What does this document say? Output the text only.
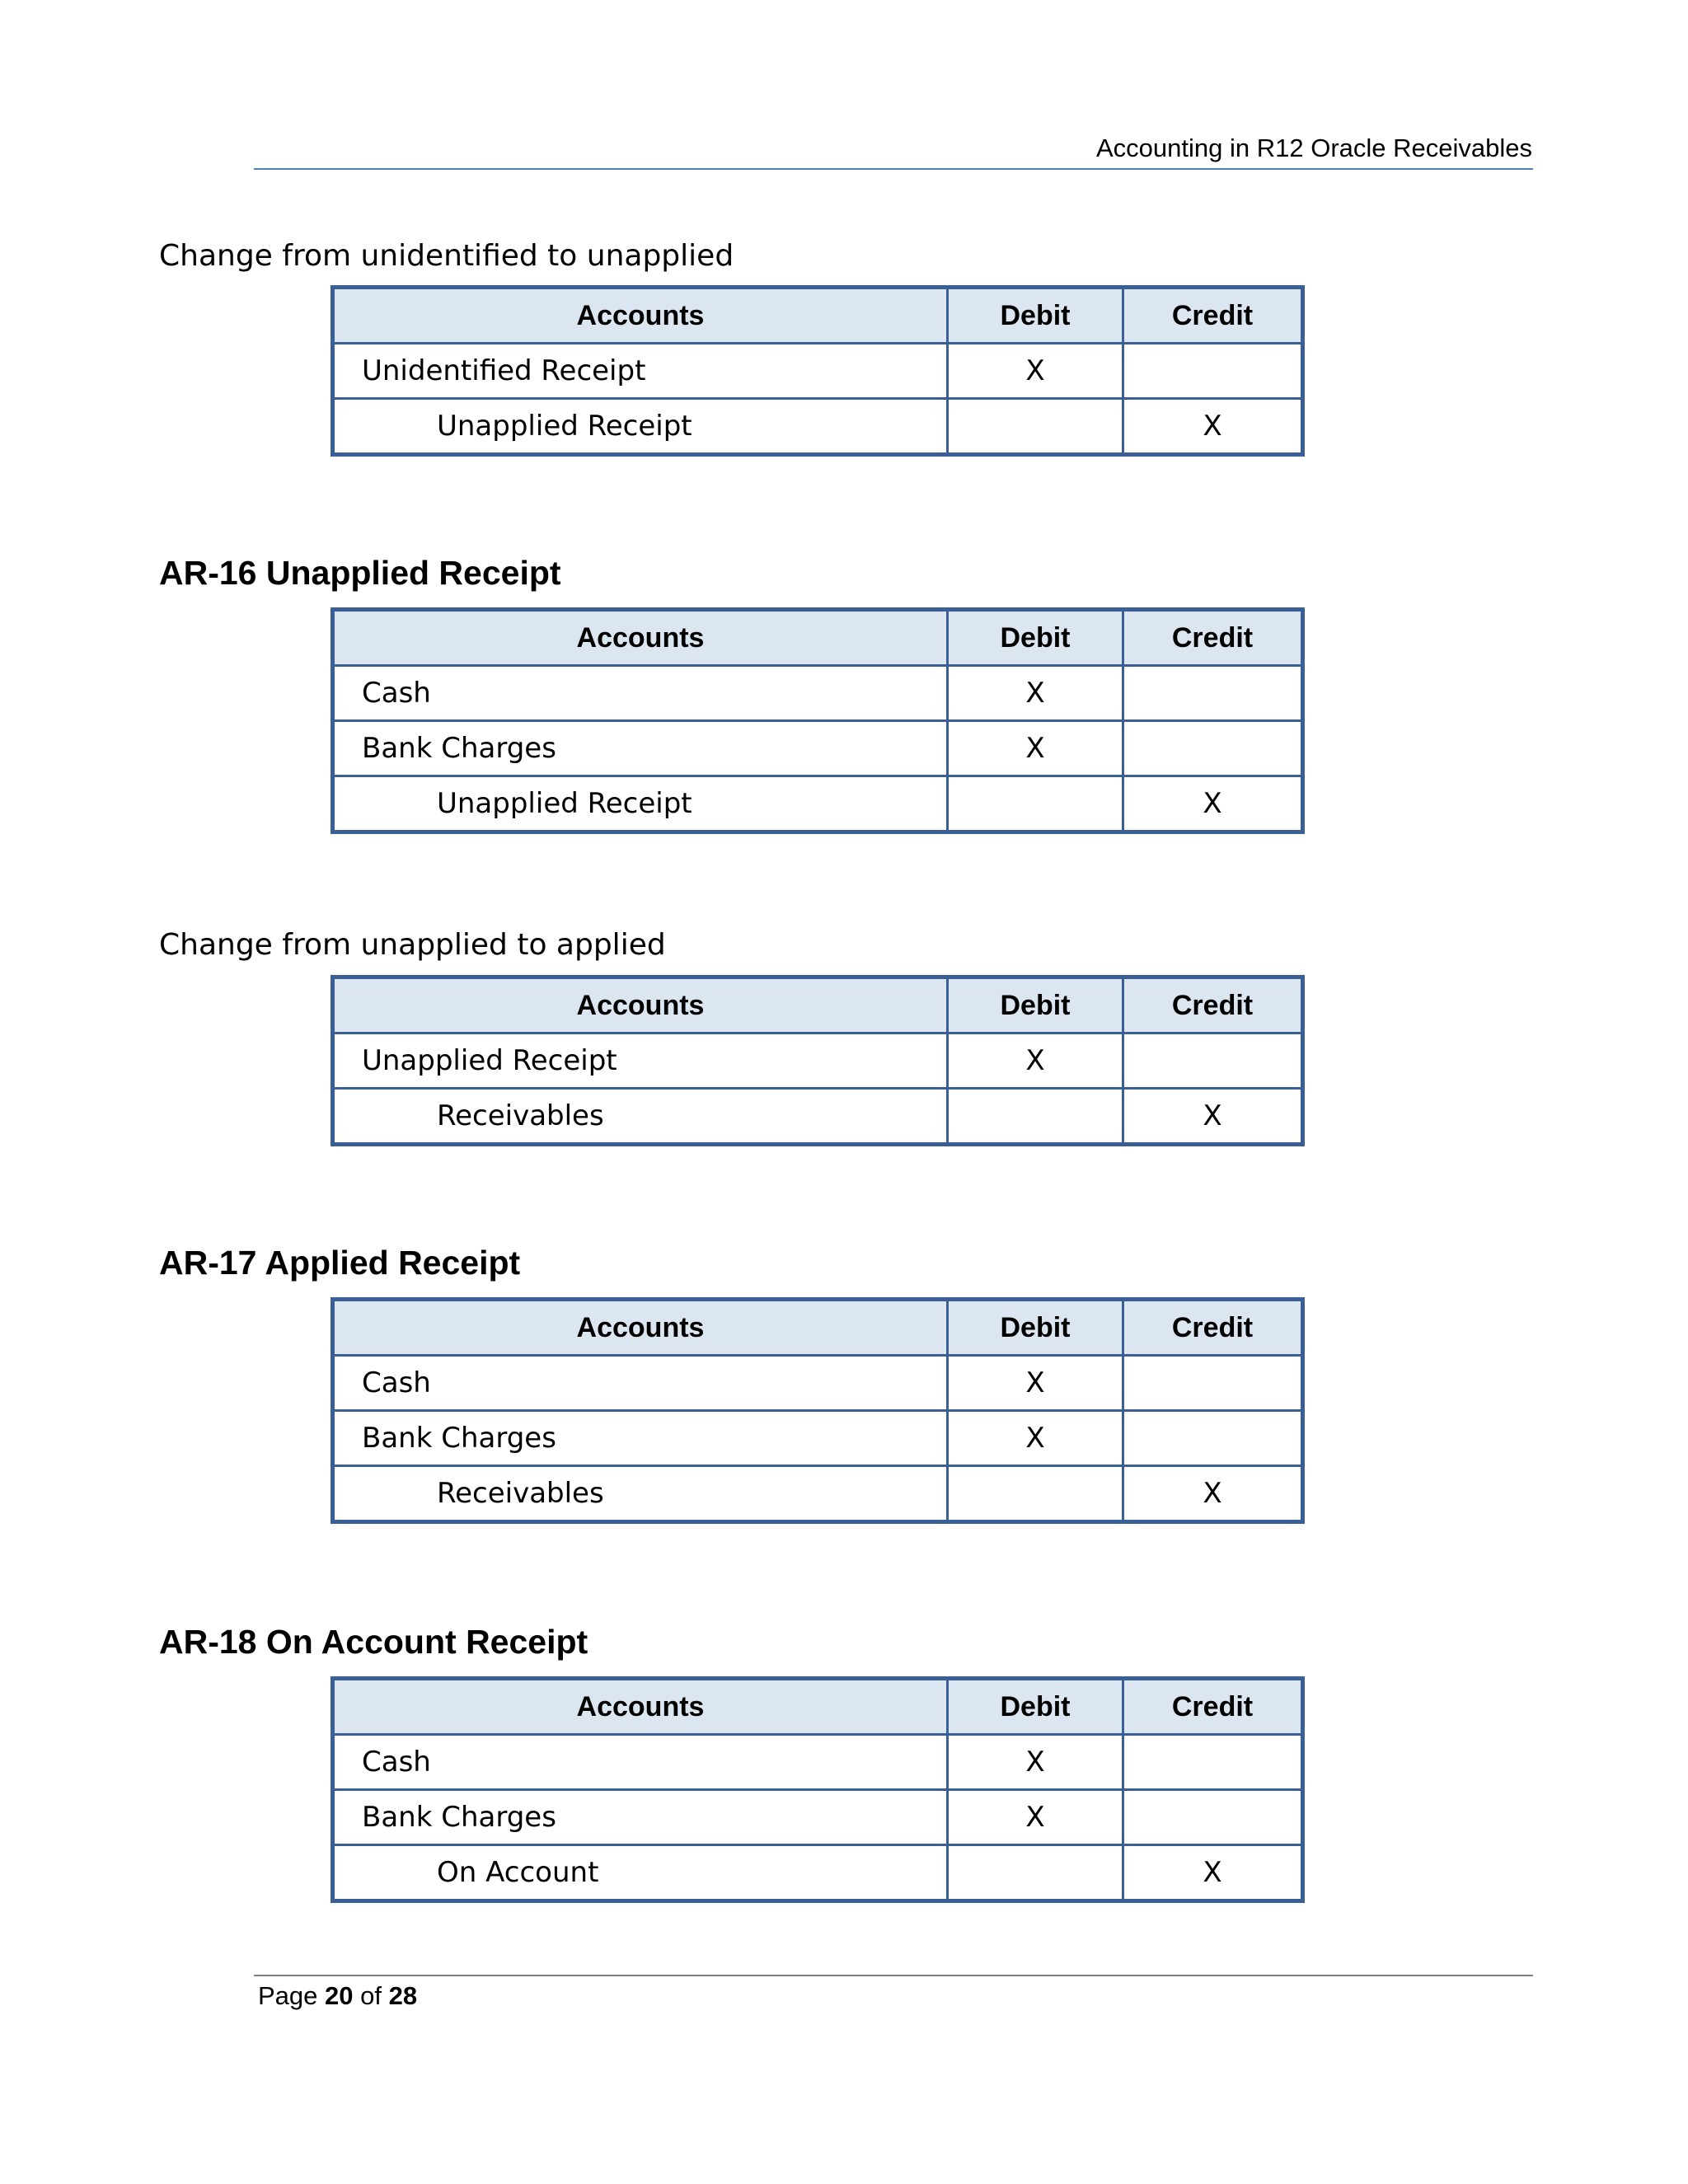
Accounting in R12 Oracle Receivables
Change from unidentified to unapplied
Accounts	Debit	Credit
Unidentified Receipt	X	
Unapplied Receipt		X
AR-16 Unapplied Receipt
Accounts	Debit	Credit
Cash	X	
Bank Charges	X	
Unapplied Receipt		X
Change from unapplied to applied
Accounts	Debit	Credit
Unapplied Receipt	X	
Receivables		X
AR-17 Applied Receipt
Accounts	Debit	Credit
Cash	X	
Bank Charges	X	
Receivables		X
AR-18 On Account Receipt
Accounts	Debit	Credit
Cash	X	
Bank Charges	X	
On Account		X
Page 20 of 28
